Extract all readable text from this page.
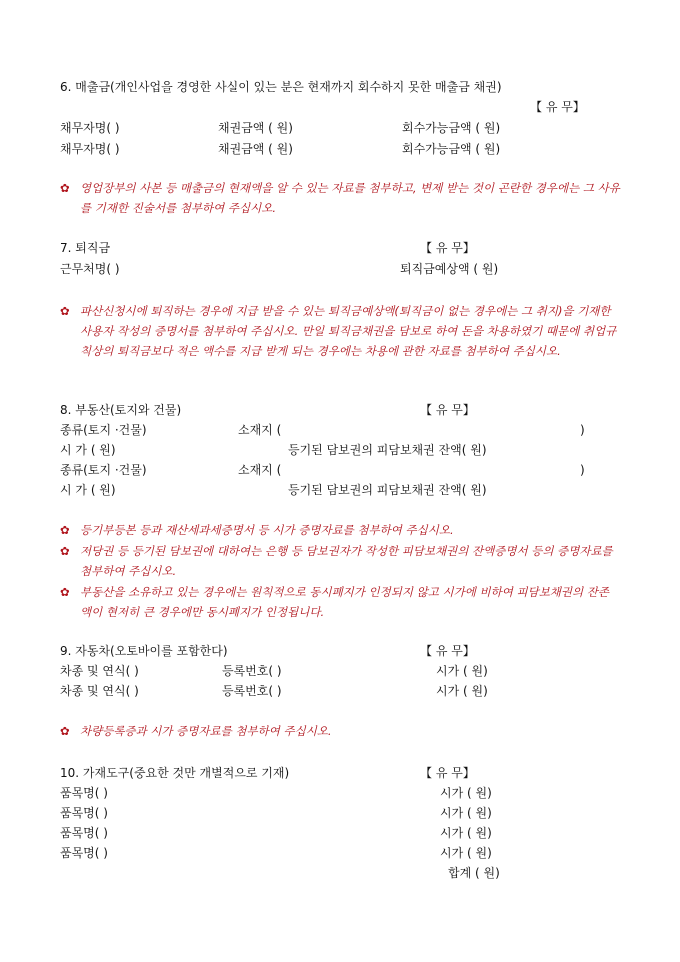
6. 매출금(개인사업을 경영한 사실이 있는 분은 현재까지 회수하지 못한 매출금 채권)
【 유 무】
채무자명( )	채권금액 ( 원)	회수가능금액 ( 원)
채무자명( )	채권금액 ( 원)	회수가능금액 ( 원)
✿ 영업장부의 사본 등 매출금의 현재액을 알 수 있는 자료를 첨부하고, 변제 받는 것이 곤란한 경우에는 그 사유를 기재한 진술서를 첨부하여 주십시오.
7. 퇴직금	【 유 무】
근무처명( )	퇴직금예상액 ( 원)
✿ 파산신청시에 퇴직하는 경우에 지급 받을 수 있는 퇴직금예상액(퇴직금이 없는 경우에는 그 취지)을 기재한 사용자 작성의 증명서를 첨부하여 주십시오. 만일 퇴직금채권을 담보로 하여 돈을 차용하였기 때문에 취업규칙상의 퇴직금보다 적은 액수를 지급 받게 되는 경우에는 차용에 관한 자료를 첨부하여 주십시오.
8. 부동산(토지와 건물)	【 유 무】
종류(토지 ·건물)	소재지 (	)
시 가 ( 원)	등기된 담보권의 피담보채권 잔액( 원)
종류(토지 ·건물)	소재지 (	)
시 가 ( 원)	등기된 담보권의 피담보채권 잔액( 원)
✿ 등기부등본 등과 재산세과세증명서 등 시가 증명자료를 첨부하여 주십시오.
✿ 저당권 등 등기된 담보권에 대하여는 은행 등 담보권자가 작성한 피담보채권의 잔액증명서 등의 증명자료를 첨부하여 주십시오.
✿ 부동산을 소유하고 있는 경우에는 원칙적으로 동시폐지가 인정되지 않고 시가에 비하여 피담보채권의 잔존액이 현저히 큰 경우에만 동시폐지가 인정됩니다.
9. 자동차(오토바이를 포함한다)	【 유 무】
차종 및 연식( )	등록번호( )	시가 ( 원)
차종 및 연식( )	등록번호( )	시가 ( 원)
✿ 차량등록증과 시가 증명자료를 첨부하여 주십시오.
10. 가재도구(중요한 것만 개별적으로 기재)	【 유 무】
품목명( )	시가 ( 원)
품목명( )	시가 ( 원)
품목명( )	시가 ( 원)
품목명( )	시가 ( 원)
합계 ( 원)
